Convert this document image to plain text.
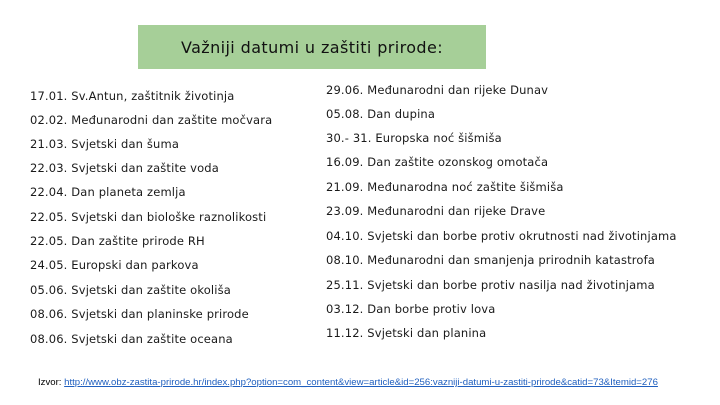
Važniji datumi u zaštiti prirode:
17.01. Sv.Antun, zaštitnik životinja
02.02. Međunarodni dan zaštite močvara
21.03. Svjetski dan šuma
22.03. Svjetski dan zaštite voda
22.04. Dan planeta zemlja
22.05. Svjetski dan biološke raznolikosti
22.05. Dan zaštite prirode RH
24.05. Europski dan parkova
05.06. Svjetski dan zaštite okoliša
08.06. Svjetski dan planinske prirode
08.06. Svjetski dan zaštite oceana
29.06. Međunarodni dan rijeke Dunav
05.08. Dan dupina
30.- 31. Europska noć šišmiša
16.09. Dan zaštite ozonskog omotača
21.09. Međunarodna noć zaštite šišmiša
23.09. Međunarodni dan rijeke Drave
04.10. Svjetski dan borbe protiv okrutnosti nad životinjama
08.10. Međunarodni dan smanjenja prirodnih katastrofa
25.11. Svjetski dan borbe protiv nasilja nad životinjama
03.12. Dan borbe protiv lova
11.12. Svjetski dan planina
Izvor: http://www.obz-zastita-prirode.hr/index.php?option=com_content&view=article&id=256:vazniji-datumi-u-zastiti-prirode&catid=73&Itemid=276
